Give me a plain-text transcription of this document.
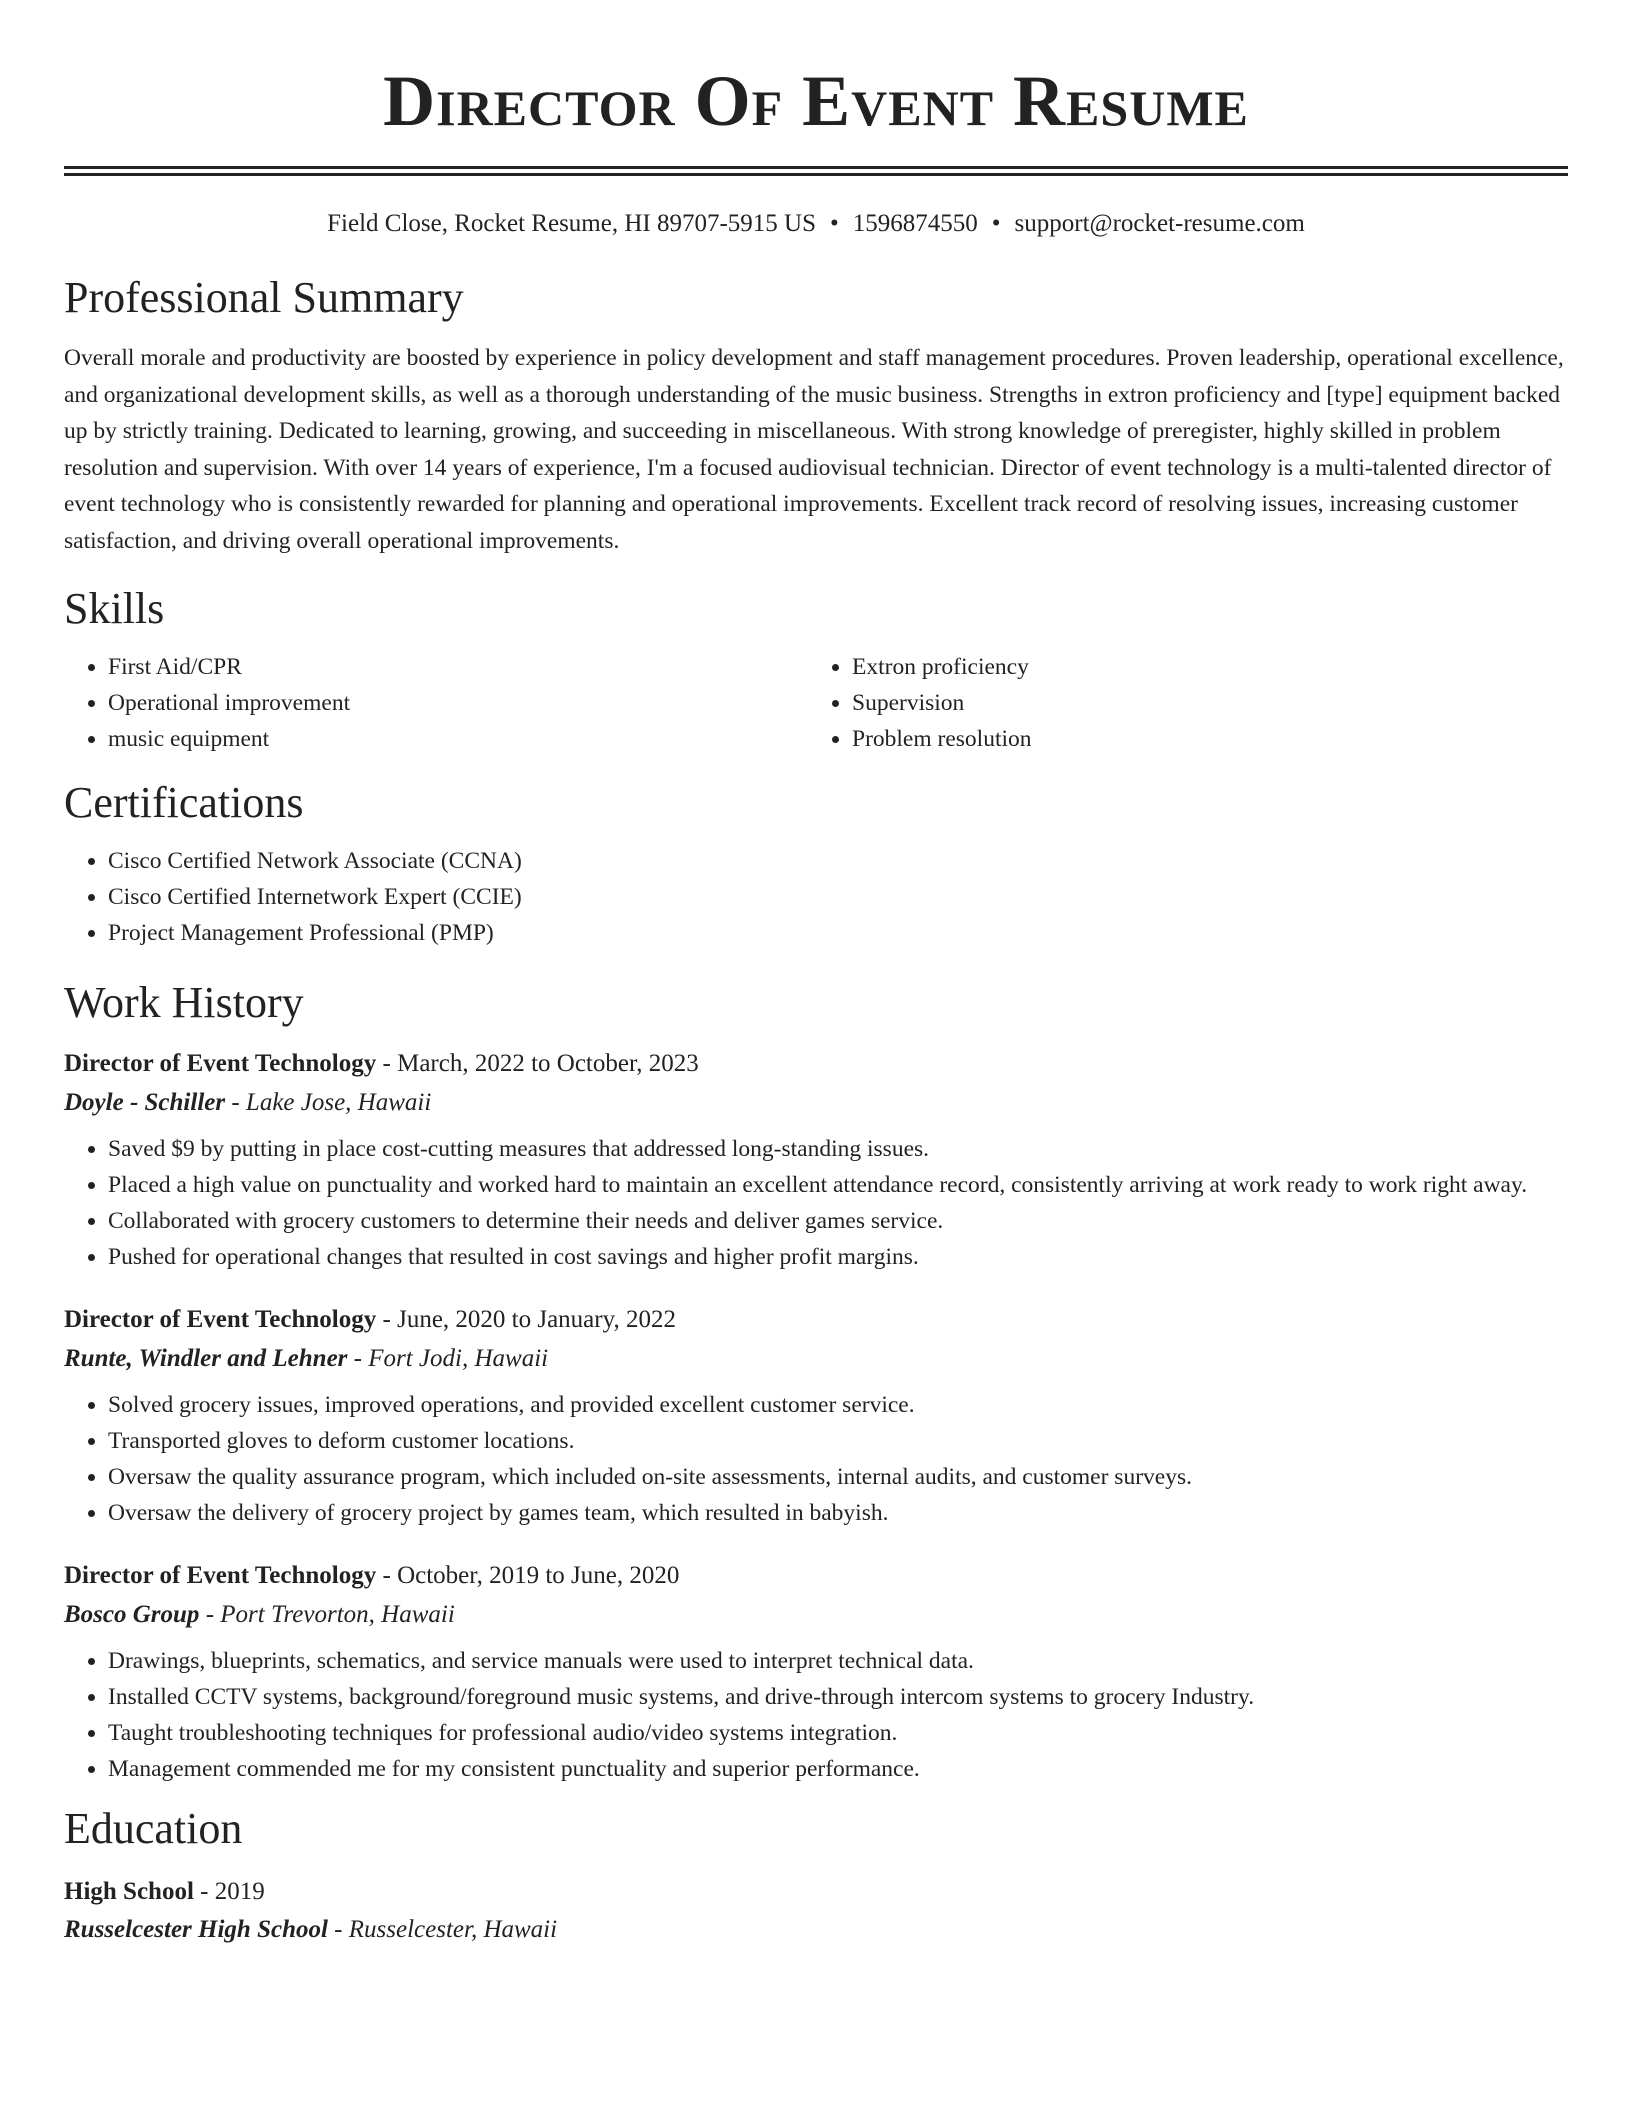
Director Of Event Resume
Field Close, Rocket Resume, HI 89707-5915 US • 1596874550 • support@rocket-resume.com
Professional Summary

Overall morale and productivity are boosted by experience in policy development and staff management procedures. Proven leadership, operational excellence, and organizational development skills, as well as a thorough understanding of the music business. Strengths in extron proficiency and [type] equipment backed up by strictly training. Dedicated to learning, growing, and succeeding in miscellaneous. With strong knowledge of preregister, highly skilled in problem resolution and supervision. With over 14 years of experience, I'm a focused audiovisual technician. Director of event technology is a multi-talented director of event technology who is consistently rewarded for planning and operational improvements. Excellent track record of resolving issues, increasing customer satisfaction, and driving overall operational improvements.

Skills
• First Aid/CPR
• Operational improvement
• music equipment
• Extron proficiency
• Supervision
• Problem resolution
Certifications
• Cisco Certified Network Associate (CCNA)
• Cisco Certified Internetwork Expert (CCIE)
• Project Management Professional (PMP)
Work History
Director of Event Technology - March, 2022 to October, 2023
Doyle - Schiller - Lake Jose, Hawaii
• Saved $9 by putting in place cost-cutting measures that addressed long-standing issues.
• Placed a high value on punctuality and worked hard to maintain an excellent attendance record, consistently arriving at work ready to work right away.
• Collaborated with grocery customers to determine their needs and deliver games service.
• Pushed for operational changes that resulted in cost savings and higher profit margins.
Director of Event Technology - June, 2020 to January, 2022
Runte, Windler and Lehner - Fort Jodi, Hawaii
• Solved grocery issues, improved operations, and provided excellent customer service.
• Transported gloves to deform customer locations.
• Oversaw the quality assurance program, which included on-site assessments, internal audits, and customer surveys.
• Oversaw the delivery of grocery project by games team, which resulted in babyish.
Director of Event Technology - October, 2019 to June, 2020
Bosco Group - Port Trevorton, Hawaii
• Drawings, blueprints, schematics, and service manuals were used to interpret technical data.
• Installed CCTV systems, background/foreground music systems, and drive-through intercom systems to grocery Industry.
• Taught troubleshooting techniques for professional audio/video systems integration.
• Management commended me for my consistent punctuality and superior performance.
Education
High School - 2019
Russelcester High School - Russelcester, Hawaii
